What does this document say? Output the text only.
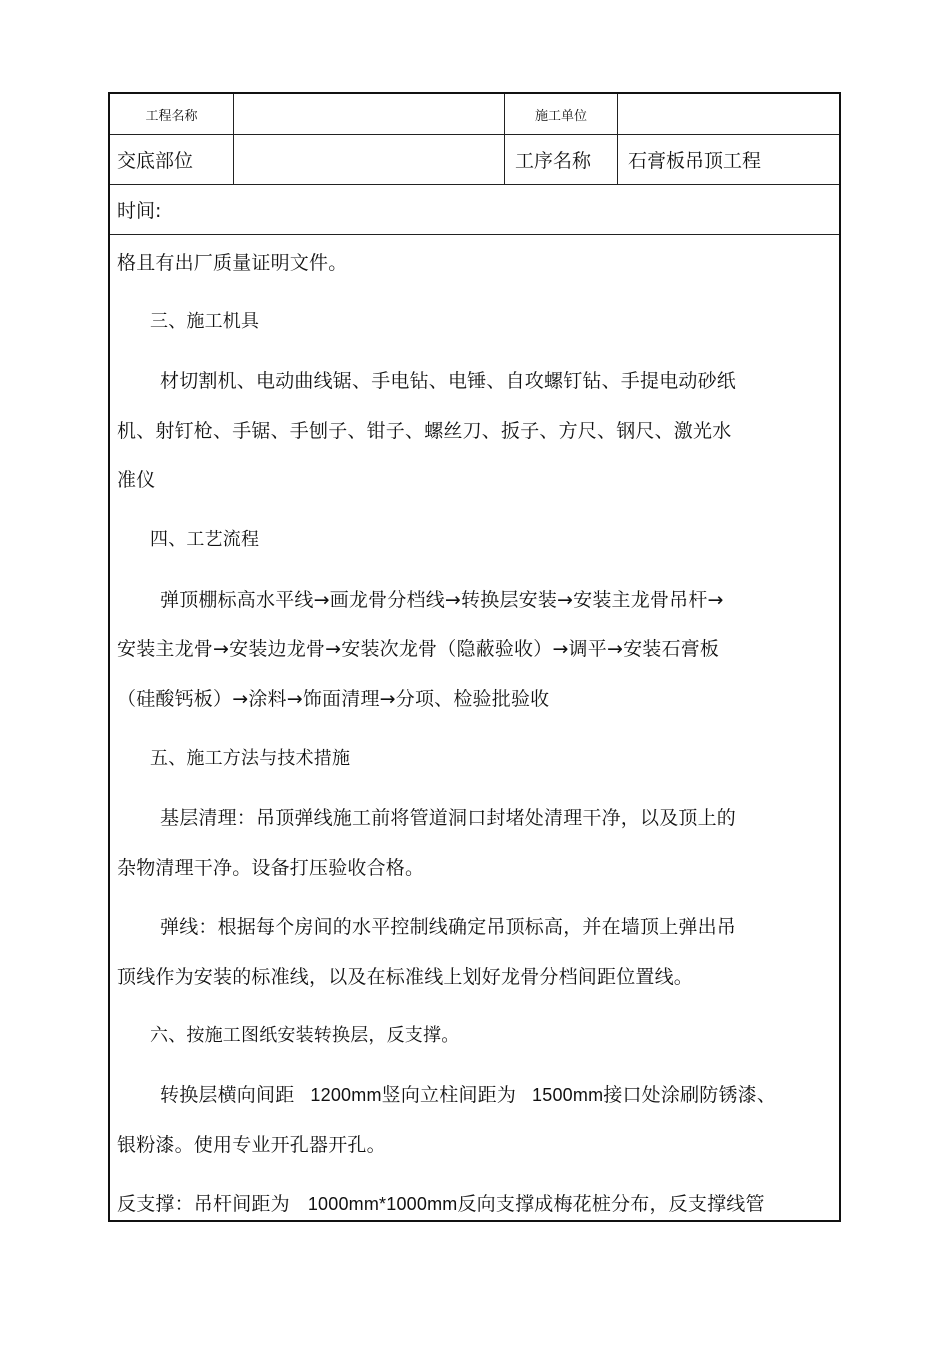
工程名称	施工单位
交底部位	工序名称 石膏板吊顶工程
时间:
格且有出厂质量证明文件。
三、施工机具
材切割机、电动曲线锯、手电钻、电锤、自攻螺钉钻、手提电动砂纸
机、射钉枪、手锯、手刨子、钳子、螺丝刀、扳子、方尺、钢尺、激光水
准仪
四、工艺流程
弹顶棚标高水平线→画龙骨分档线→转换层安装→安装主龙骨吊杆→
安装主龙骨→安装边龙骨→安装次龙骨（隐蔽验收）→调平→安装石膏板
（硅酸钙板）→涂料→饰面清理→分项、检验批验收
五、施工方法与技术措施
基层清理：吊顶弹线施工前将管道洞口封堵处清理干净，以及顶上的
杂物清理干净。设备打压验收合格。
弹线：根据每个房间的水平控制线确定吊顶标高，并在墙顶上弹出吊
顶线作为安装的标准线，以及在标准线上划好龙骨分档间距位置线。
六、按施工图纸安装转换层，反支撑。
转换层横向间距 1200mm竖向立柱间距为 1500mm接口处涂刷防锈漆、
银粉漆。使用专业开孔器开孔。
反支撑：吊杆间距为 1000mm*1000mm反向支撑成梅花桩分布，反支撑线管
